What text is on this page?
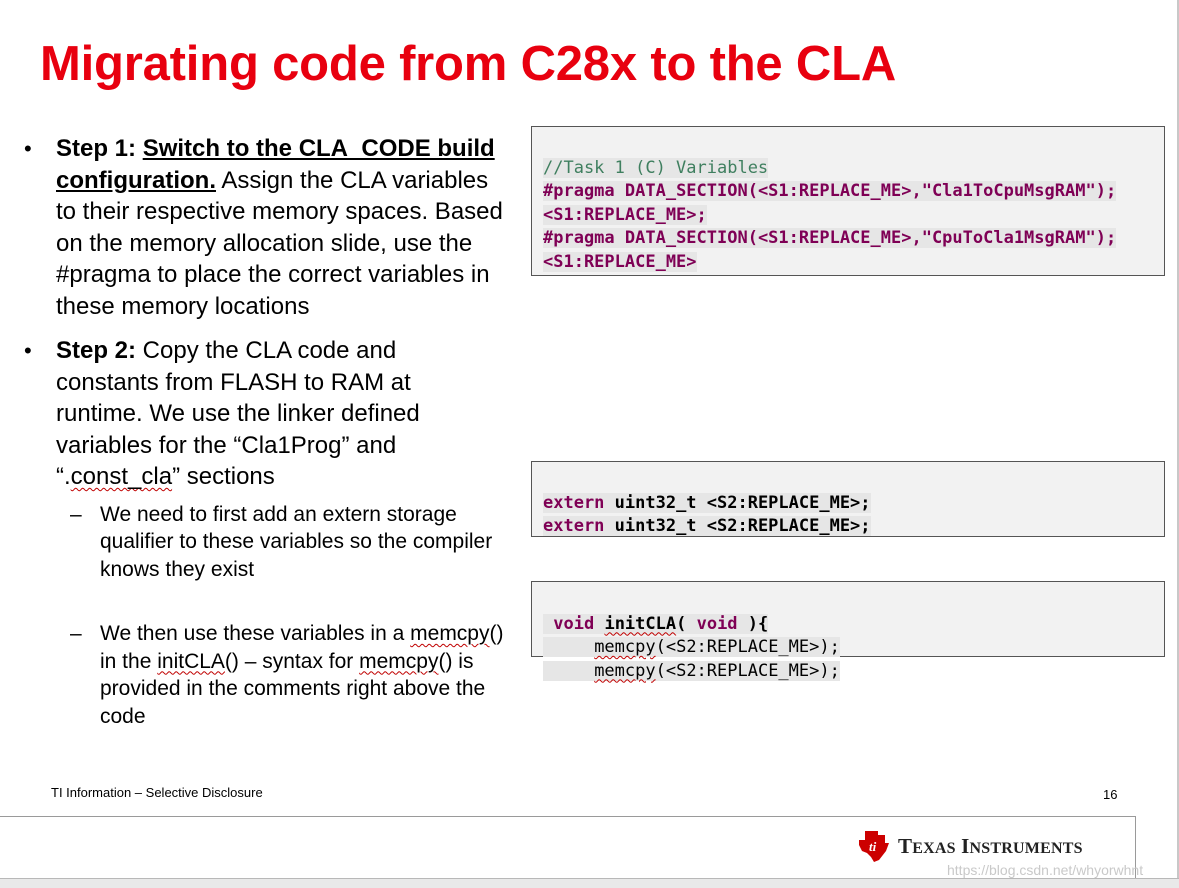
Migrating code from C28x to the CLA
• Step 1: Switch to the CLA_CODE build configuration. Assign the CLA variables to their respective memory spaces. Based on the memory allocation slide, use the #pragma to place the correct variables in these memory locations
• Step 2: Copy the CLA code and constants from FLASH to RAM at runtime. We use the linker defined variables for the “Cla1Prog” and “.const_cla” sections
– We need to first add an extern storage qualifier to these variables so the compiler knows they exist
– We then use these variables in a memcpy() in the initCLA() – syntax for memcpy() is provided in the comments right above the code

//Task 1 (C) Variables
#pragma DATA_SECTION(<S1:REPLACE_ME>,"Cla1ToCpuMsgRAM");
<S1:REPLACE_ME>;
#pragma DATA_SECTION(<S1:REPLACE_ME>,"CpuToCla1MsgRAM");
<S1:REPLACE_ME>

extern uint32_t <S2:REPLACE_ME>;
extern uint32_t <S2:REPLACE_ME>;

void initCLA( void ){
memcpy(<S2:REPLACE_ME>);
memcpy(<S2:REPLACE_ME>);

TI Information – Selective Disclosure	16
ti TEXAS INSTRUMENTS
https://blog.csdn.net/whyorwhnt
